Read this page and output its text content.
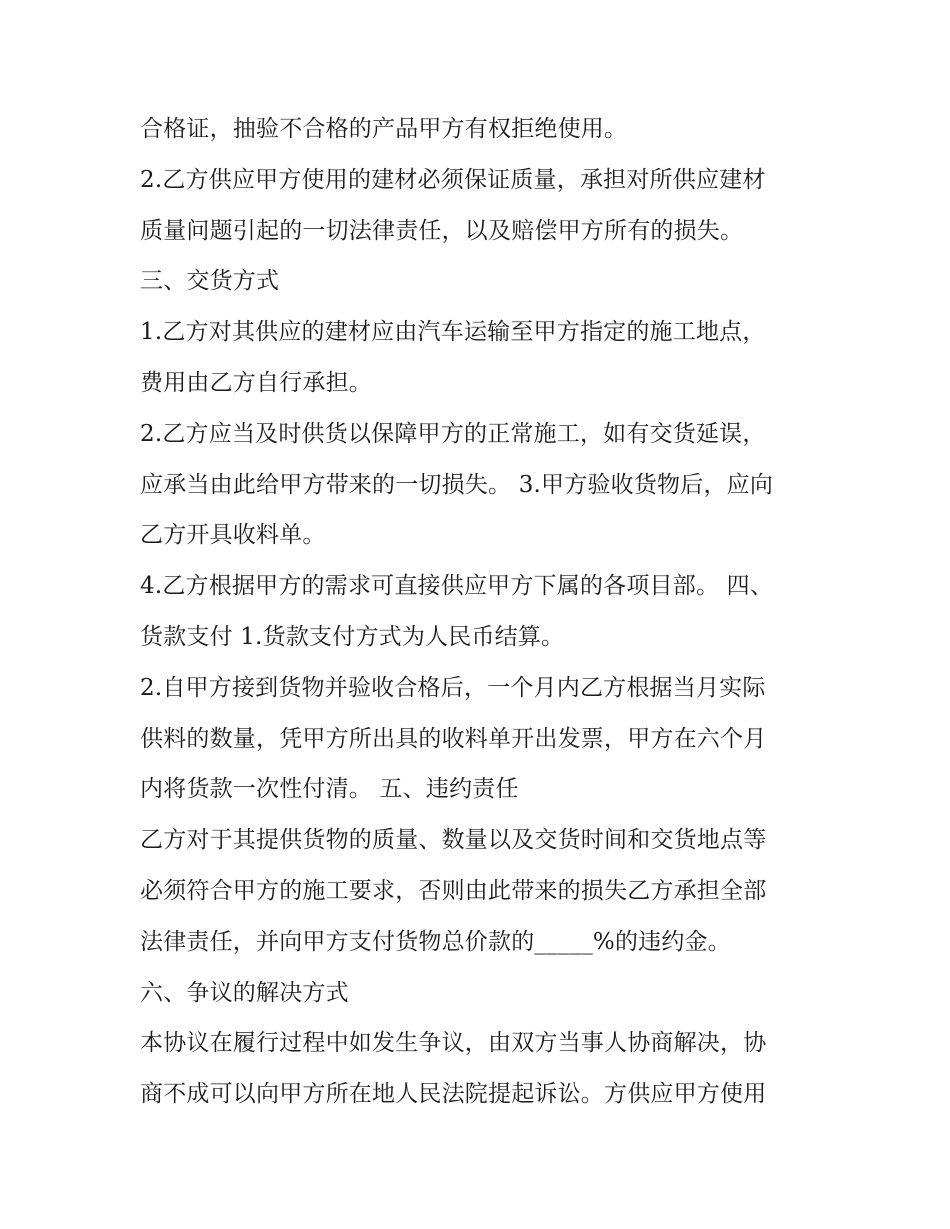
合格证，抽验不合格的产品甲方有权拒绝使用。
2.乙方供应甲方使用的建材必须保证质量，承担对所供应建材
质量问题引起的一切法律责任，以及赔偿甲方所有的损失。
三、交货方式
1.乙方对其供应的建材应由汽车运输至甲方指定的施工地点，
费用由乙方自行承担。
2.乙方应当及时供货以保障甲方的正常施工，如有交货延误，
应承当由此给甲方带来的一切损失。 3.甲方验收货物后，应向
乙方开具收料单。
4.乙方根据甲方的需求可直接供应甲方下属的各项目部。 四、
货款支付 1.货款支付方式为人民币结算。
2.自甲方接到货物并验收合格后，一个月内乙方根据当月实际
供料的数量，凭甲方所出具的收料单开出发票，甲方在六个月
内将货款一次性付清。 五、违约责任
乙方对于其提供货物的质量、数量以及交货时间和交货地点等
必须符合甲方的施工要求，否则由此带来的损失乙方承担全部
法律责任，并向甲方支付货物总价款的_____%的违约金。
六、争议的解决方式
本协议在履行过程中如发生争议，由双方当事人协商解决，协
商不成可以向甲方所在地人民法院提起诉讼。方供应甲方使用
